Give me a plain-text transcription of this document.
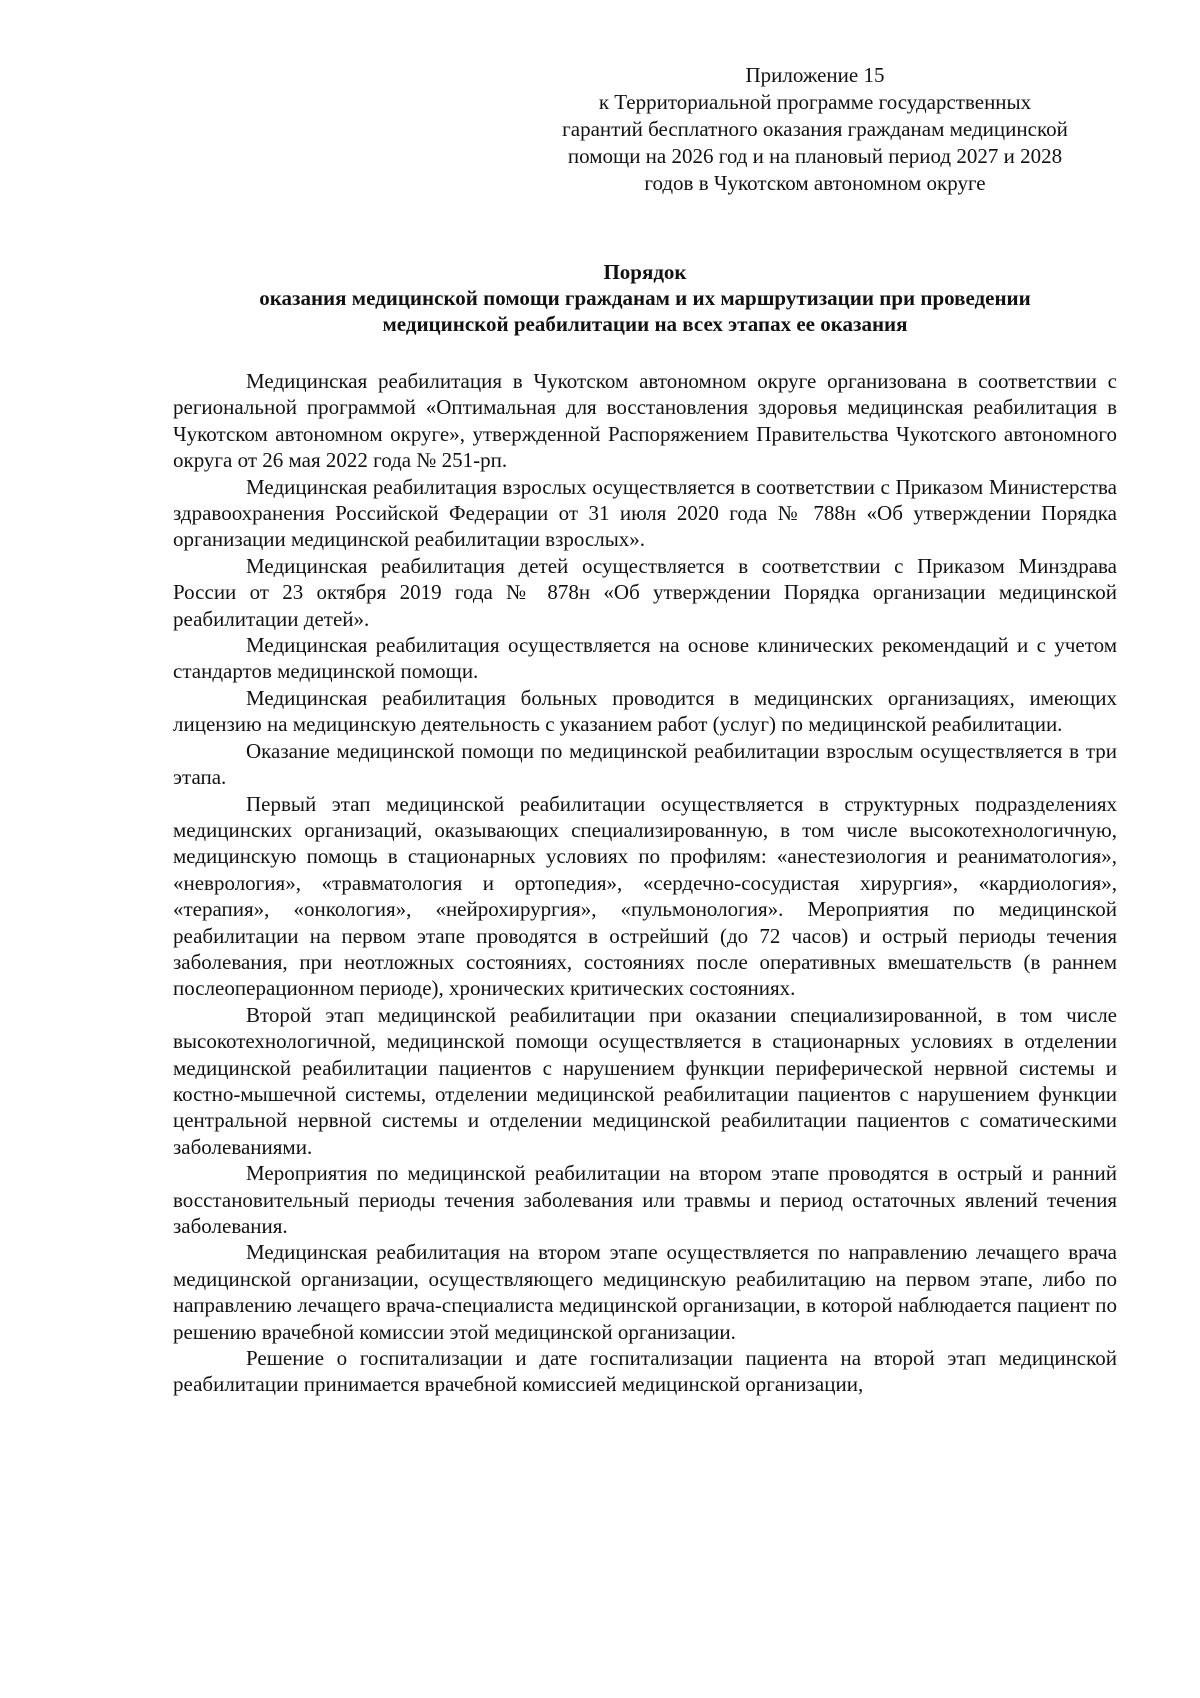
Приложение 15
к Территориальной программе государственных
гарантий бесплатного оказания гражданам медицинской
помощи на 2026 год и на плановый период 2027 и 2028
годов в Чукотском автономном округе
Порядок
оказания медицинской помощи гражданам и их маршрутизации при проведении
медицинской реабилитации на всех этапах ее оказания

Медицинская реабилитация в Чукотском автономном округе организована в соответствии с региональной программой «Оптимальная для восстановления здоровья медицинская реабилитация в Чукотском автономном округе», утвержденной Распоряжением Правительства Чукотского автономного округа от 26 мая 2022 года № 251-рп.

Медицинская реабилитация взрослых осуществляется в соответствии с Приказом Министерства здравоохранения Российской Федерации от 31 июля 2020 года № 788н «Об утверждении Порядка организации медицинской реабилитации взрослых».

Медицинская реабилитация детей осуществляется в соответствии с Приказом Минздрава России от 23 октября 2019 года № 878н «Об утверждении Порядка организации медицинской реабилитации детей».

Медицинская реабилитация осуществляется на основе клинических рекомендаций и с учетом стандартов медицинской помощи.

Медицинская реабилитация больных проводится в медицинских организациях, имеющих лицензию на медицинскую деятельность с указанием работ (услуг) по медицинской реабилитации.

Оказание медицинской помощи по медицинской реабилитации взрослым осуществляется в три этапа.

Первый этап медицинской реабилитации осуществляется в структурных подразделениях медицинских организаций, оказывающих специализированную, в том числе высокотехнологичную, медицинскую помощь в стационарных условиях по профилям: «анестезиология и реаниматология», «неврология», «травматология и ортопедия», «сердечно-сосудистая хирургия», «кардиология», «терапия», «онкология», «нейрохирургия», «пульмонология». Мероприятия по медицинской реабилитации на первом этапе проводятся в острейший (до 72 часов) и острый периоды течения заболевания, при неотложных состояниях, состояниях после оперативных вмешательств (в раннем послеоперационном периоде), хронических критических состояниях.

Второй этап медицинской реабилитации при оказании специализированной, в том числе высокотехнологичной, медицинской помощи осуществляется в стационарных условиях в отделении медицинской реабилитации пациентов с нарушением функции периферической нервной системы и костно-мышечной системы, отделении медицинской реабилитации пациентов с нарушением функции центральной нервной системы и отделении медицинской реабилитации пациентов с соматическими заболеваниями.

Мероприятия по медицинской реабилитации на втором этапе проводятся в острый и ранний восстановительный периоды течения заболевания или травмы и период остаточных явлений течения заболевания.

Медицинская реабилитация на втором этапе осуществляется по направлению лечащего врача медицинской организации, осуществляющего медицинскую реабилитацию на первом этапе, либо по направлению лечащего врача-специалиста медицинской организации, в которой наблюдается пациент по решению врачебной комиссии этой медицинской организации.

Решение о госпитализации и дате госпитализации пациента на второй этап медицинской реабилитации принимается врачебной комиссией медицинской организации,
